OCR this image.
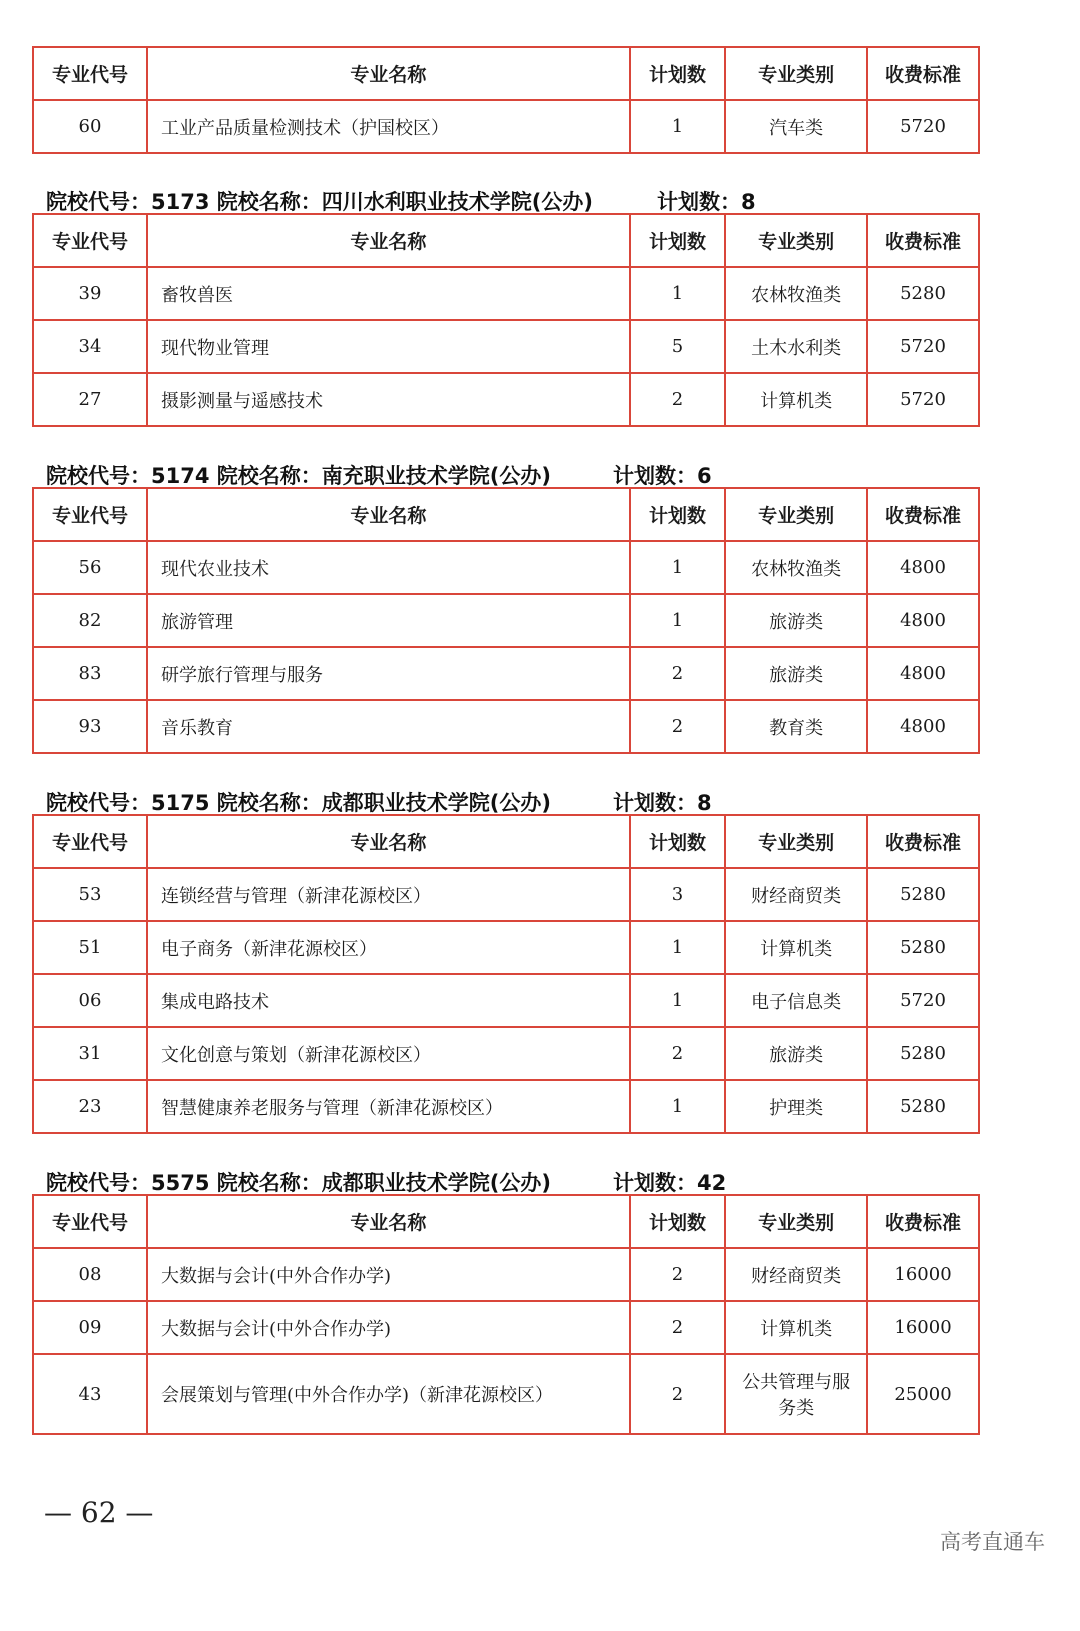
专业代号	专业名称	计划数	专业类别	收费标准
60	工业产品质量检测技术（护国校区）	1	汽车类	5720
院校代号：5173 院校名称：四川水利职业技术学院(公办)	计划数：8
专业代号	专业名称	计划数	专业类别	收费标准
39	畜牧兽医	1	农林牧渔类	5280
34	现代物业管理	5	土木水利类	5720
27	摄影测量与遥感技术	2	计算机类	5720
院校代号：5174 院校名称：南充职业技术学院(公办)	计划数：6
专业代号	专业名称	计划数	专业类别	收费标准
56	现代农业技术	1	农林牧渔类	4800
82	旅游管理	1	旅游类	4800
83	研学旅行管理与服务	2	旅游类	4800
93	音乐教育	2	教育类	4800
院校代号：5175 院校名称：成都职业技术学院(公办)	计划数：8
专业代号	专业名称	计划数	专业类别	收费标准
53	连锁经营与管理（新津花源校区）	3	财经商贸类	5280
51	电子商务（新津花源校区）	1	计算机类	5280
06	集成电路技术	1	电子信息类	5720
31	文化创意与策划（新津花源校区）	2	旅游类	5280
23	智慧健康养老服务与管理（新津花源校区）	1	护理类	5280
院校代号：5575 院校名称：成都职业技术学院(公办)	计划数：42
专业代号	专业名称	计划数	专业类别	收费标准
08	大数据与会计(中外合作办学)	2	财经商贸类	16000
09	大数据与会计(中外合作办学)	2	计算机类	16000
43	会展策划与管理(中外合作办学)（新津花源校区）	2	公共管理与服务类	25000
— 62 —
高考直通车
